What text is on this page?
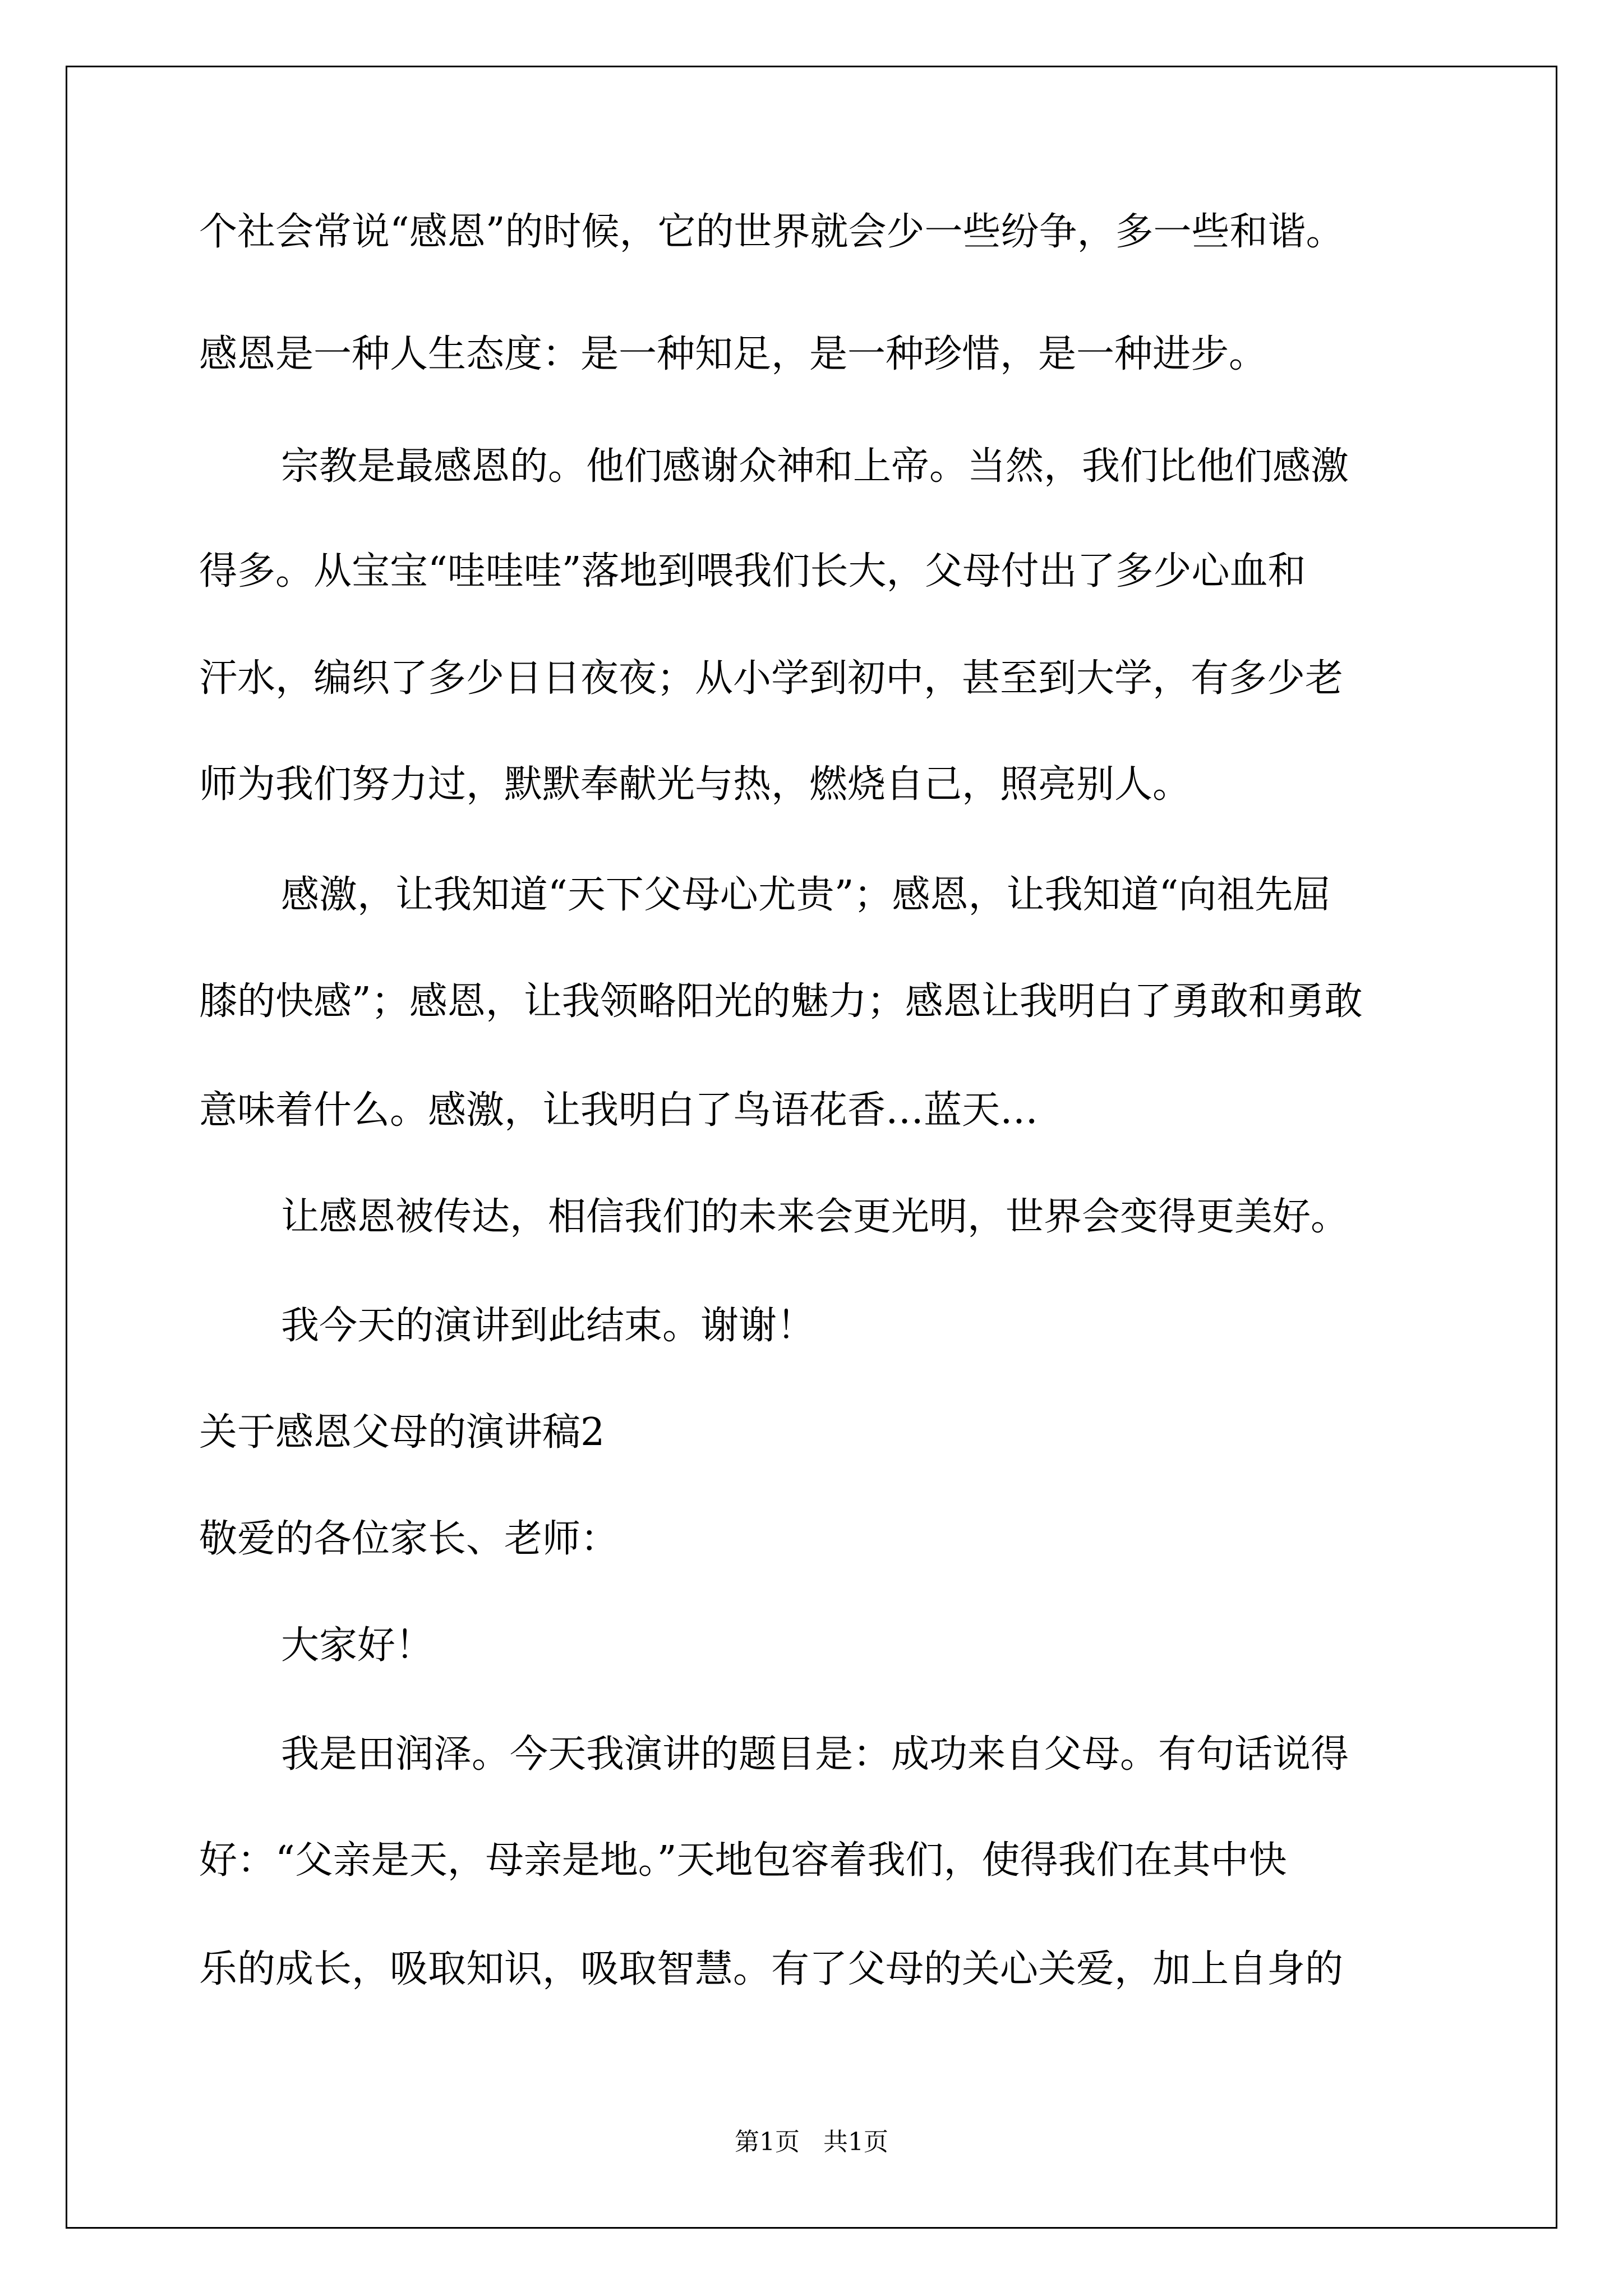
个社会常说“感恩”的时候，它的世界就会少一些纷争，多一些和谐。
感恩是一种人生态度：是一种知足，是一种珍惜，是一种进步。
宗教是最感恩的。他们感谢众神和上帝。当然，我们比他们感激
得多。从宝宝“哇哇哇”落地到喂我们长大，父母付出了多少心血和
汗水，编织了多少日日夜夜；从小学到初中，甚至到大学，有多少老
师为我们努力过，默默奉献光与热，燃烧自己，照亮别人。
感激，让我知道“天下父母心尤贵”；感恩，让我知道“向祖先屈
膝的快感”；感恩，让我领略阳光的魅力；感恩让我明白了勇敢和勇敢
意味着什么。感激，让我明白了鸟语花香…蓝天…
让感恩被传达，相信我们的未来会更光明，世界会变得更美好。
我今天的演讲到此结束。谢谢！
关于感恩父母的演讲稿2
敬爱的各位家长、老师：
大家好！
我是田润泽。今天我演讲的题目是：成功来自父母。有句话说得
好：“父亲是天，母亲是地。”天地包容着我们，使得我们在其中快
乐的成长，吸取知识，吸取智慧。有了父母的关心关爱，加上自身的
第1页   共1页
